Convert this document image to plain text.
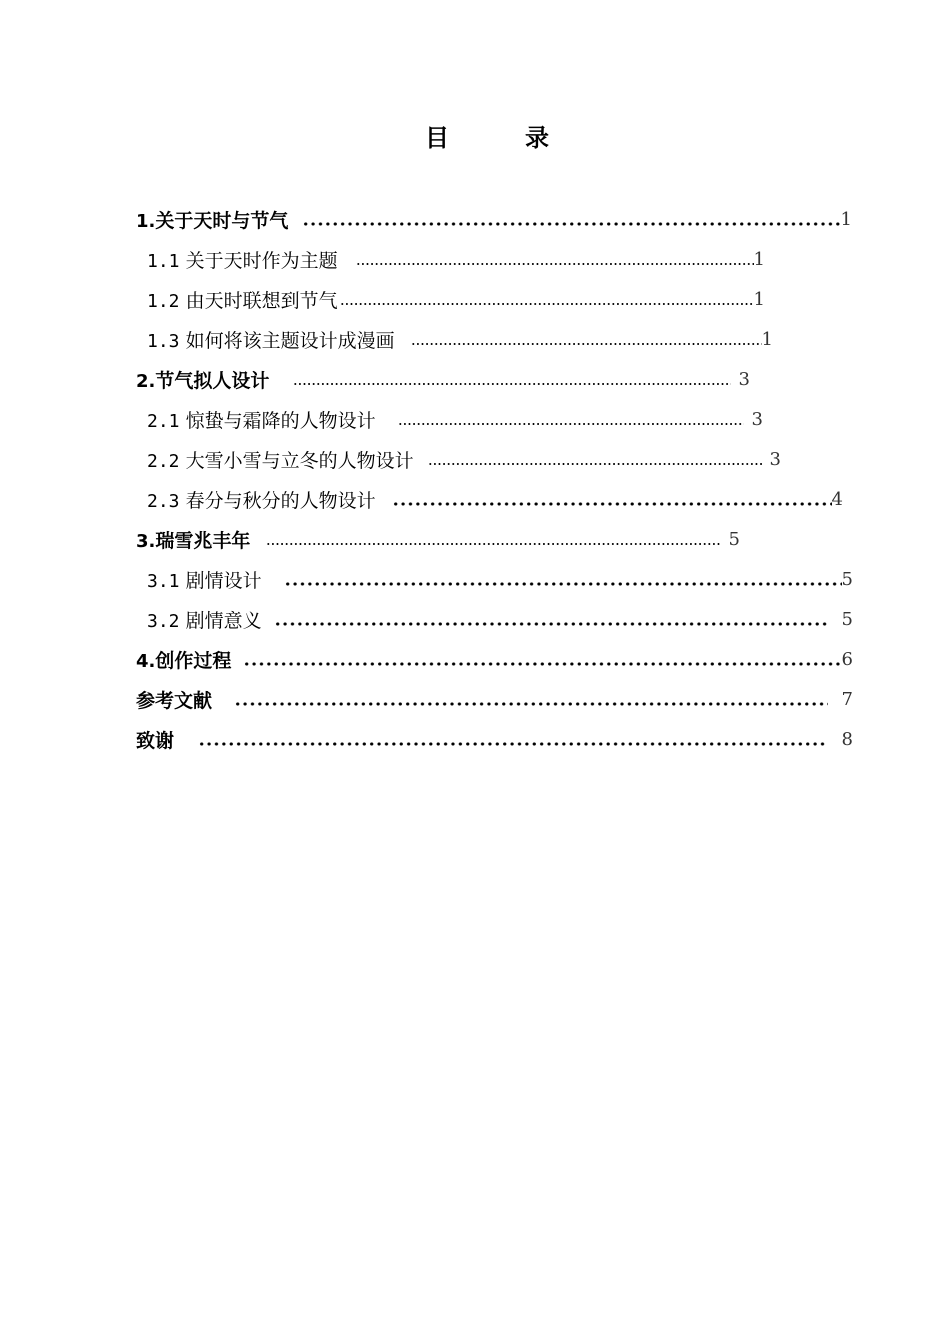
目　录
1.关于天时与节气	1
1.1 关于天时作为主题	1
1.2 由天时联想到节气	1
1.3 如何将该主题设计成漫画	1
2.节气拟人设计	3
2.1 惊蛰与霜降的人物设计	3
2.2 大雪小雪与立冬的人物设计	3
2.3 春分与秋分的人物设计	4
3.瑞雪兆丰年	5
3.1 剧情设计	5
3.2 剧情意义	5
4.创作过程	6
参考文献	7
致谢	8
